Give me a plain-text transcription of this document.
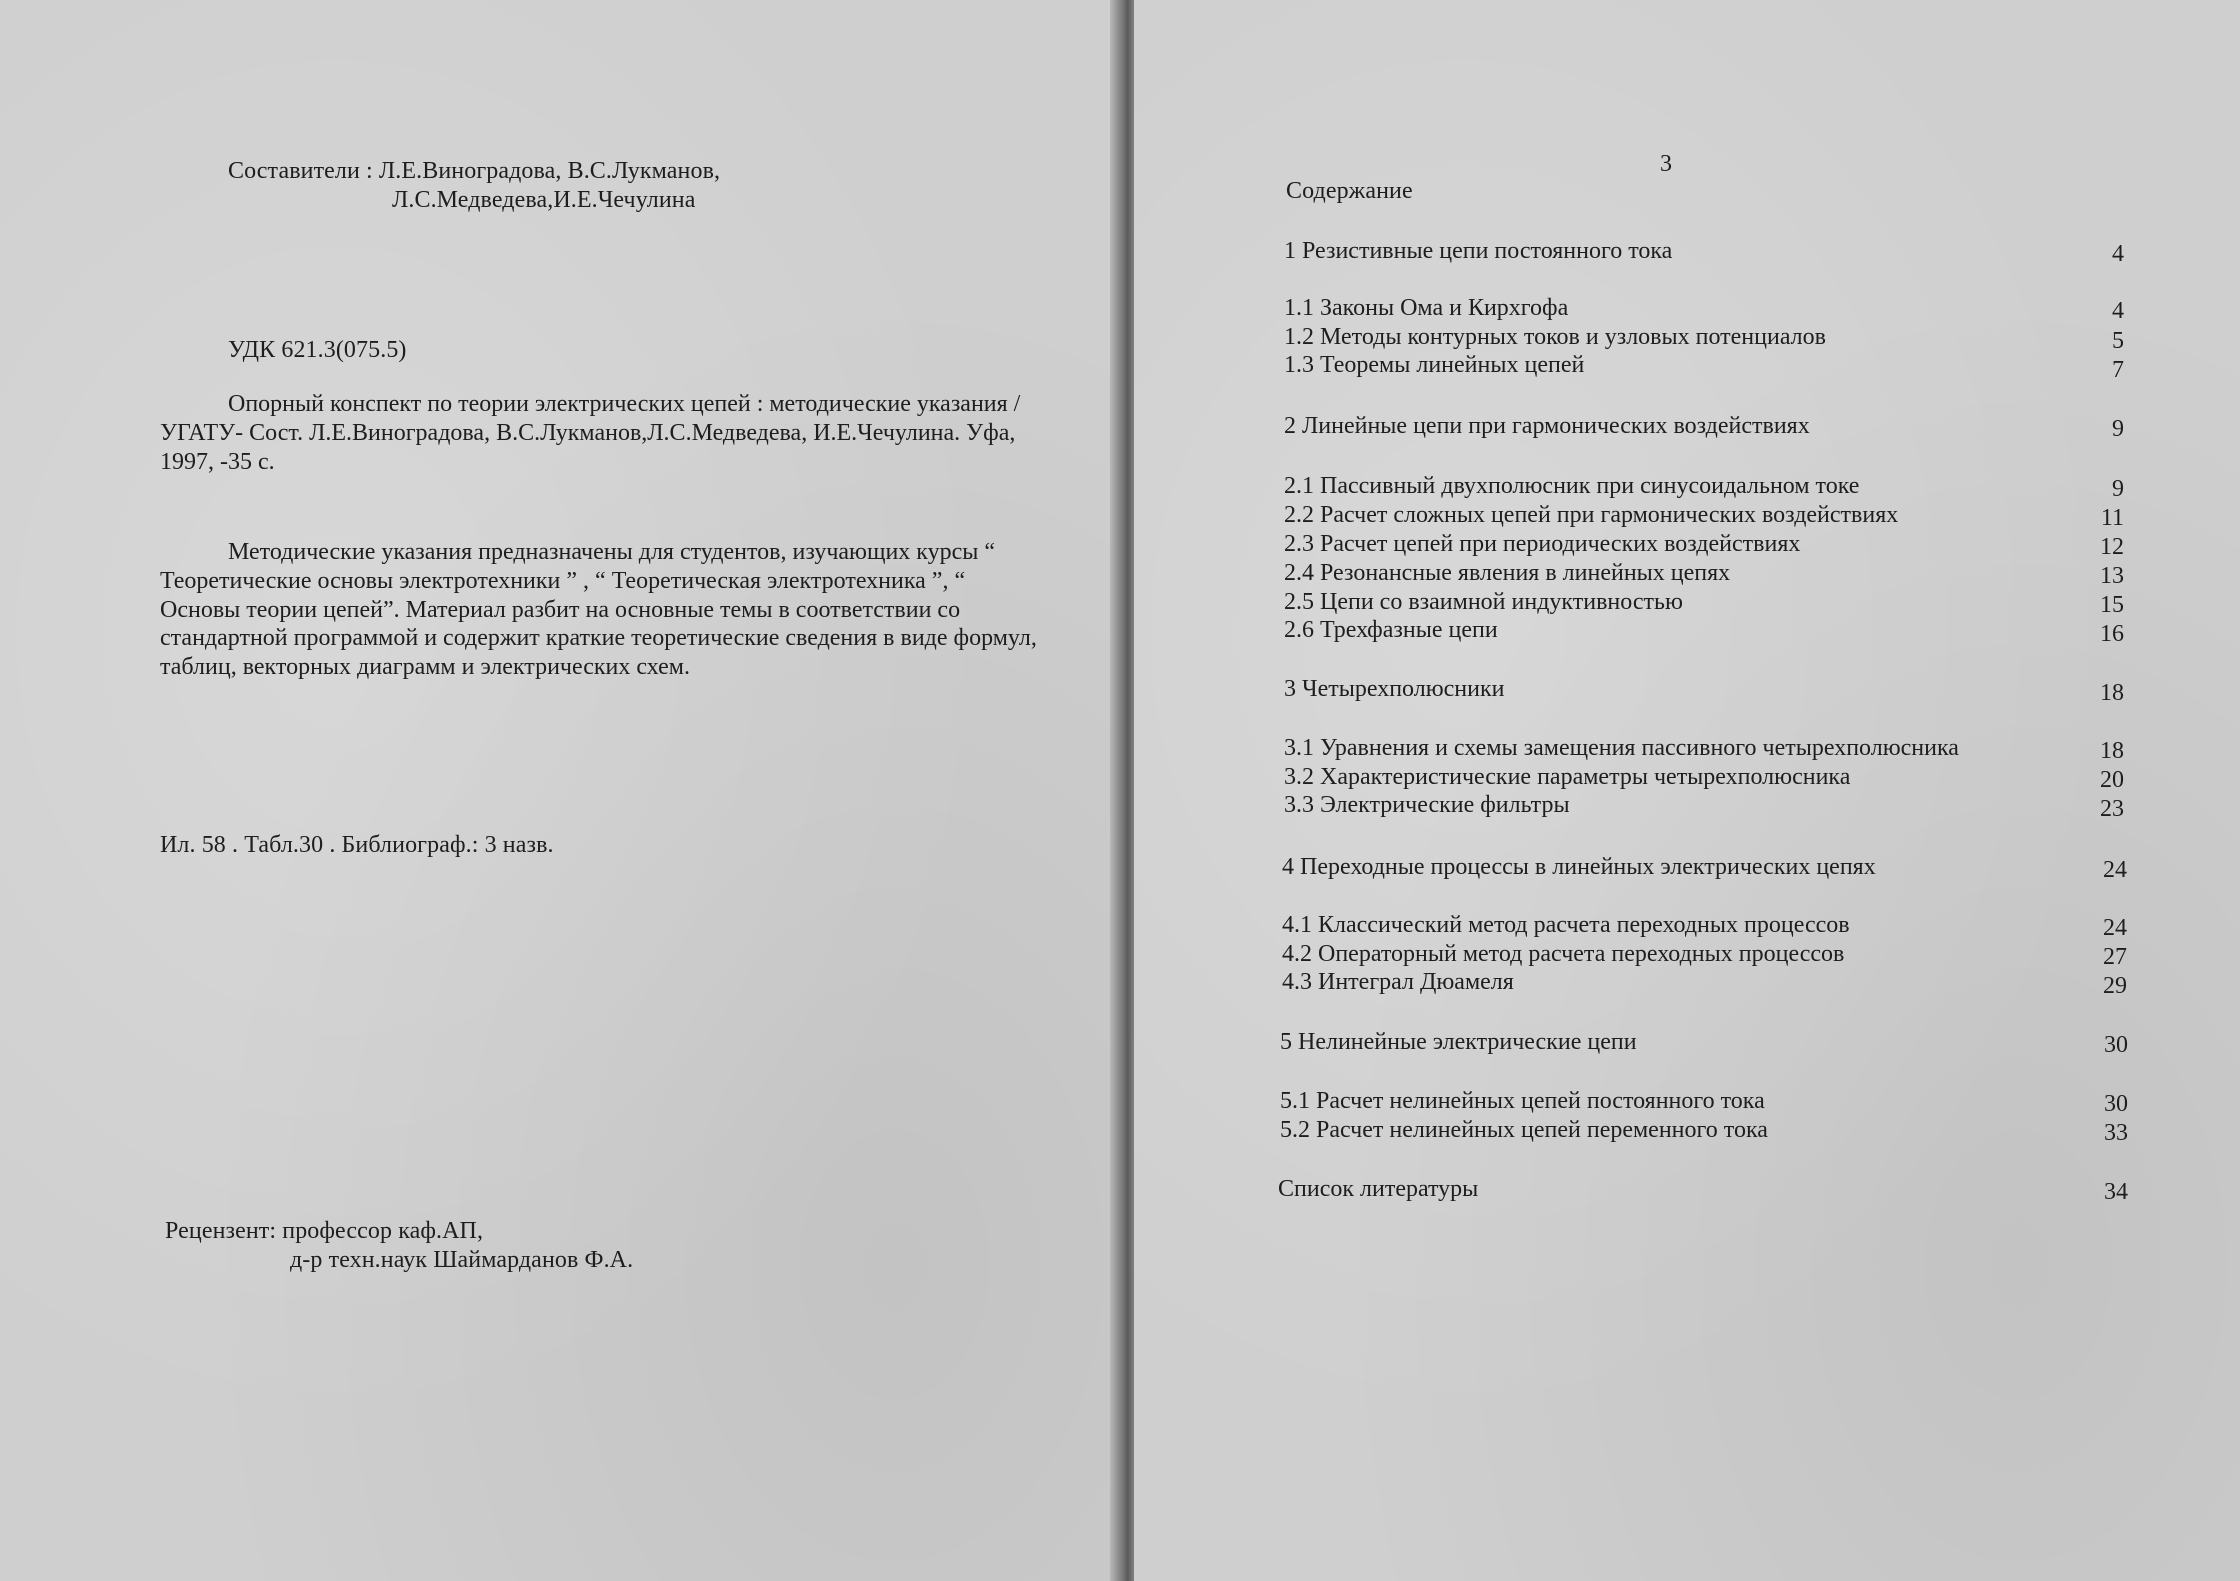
Составители : Л.Е.Виноградова, В.С.Лукманов,
Л.С.Медведева,И.Е.Чечулина
УДК 621.3(075.5)
Опорный конспект по теории электрических цепей : методические указания / УГАТУ- Сост. Л.Е.Виноградова, В.С.Лукманов,Л.С.Медведева, И.Е.Чечулина. Уфа, 1997, -35 с.
Методические указания предназначены для студентов, изучающих курсы “ Теоретические основы электротехники ” , “ Теоретическая электротехника ”, “ Основы теории цепей”. Материал разбит на основные темы в соответствии со стандартной программой и содержит краткие теоретические сведения в виде формул, таблиц, векторных диаграмм и электрических схем.
Ил. 58 . Табл.30 . Библиограф.: 3 назв.
Рецензент: профессор каф.АП,
д-р техн.наук Шаймарданов Ф.А.
3
Содержание
1 Резистивные цепи постоянного тока	4
1.1 Законы Ома и Кирхгофа	4
1.2 Методы контурных токов и узловых потенциалов	5
1.3 Теоремы линейных цепей	7
2 Линейные цепи при гармонических воздействиях	9
2.1 Пассивный двухполюсник при синусоидальном токе	9
2.2 Расчет сложных цепей при гармонических воздействиях	11
2.3 Расчет цепей при периодических воздействиях	12
2.4 Резонансные явления в линейных цепях	13
2.5 Цепи со взаимной индуктивностью	15
2.6 Трехфазные цепи	16
3 Четырехполюсники	18
3.1 Уравнения и схемы замещения пассивного четырехполюсника	18
3.2 Характеристические параметры четырехполюсника	20
3.3 Электрические фильтры	23
4 Переходные процессы в линейных электрических цепях	24
4.1 Классический метод расчета переходных процессов	24
4.2 Операторный метод расчета переходных процессов	27
4.3 Интеграл Дюамеля	29
5 Нелинейные электрические цепи	30
5.1 Расчет нелинейных цепей постоянного тока	30
5.2 Расчет нелинейных цепей переменного тока	33
Список литературы	34
